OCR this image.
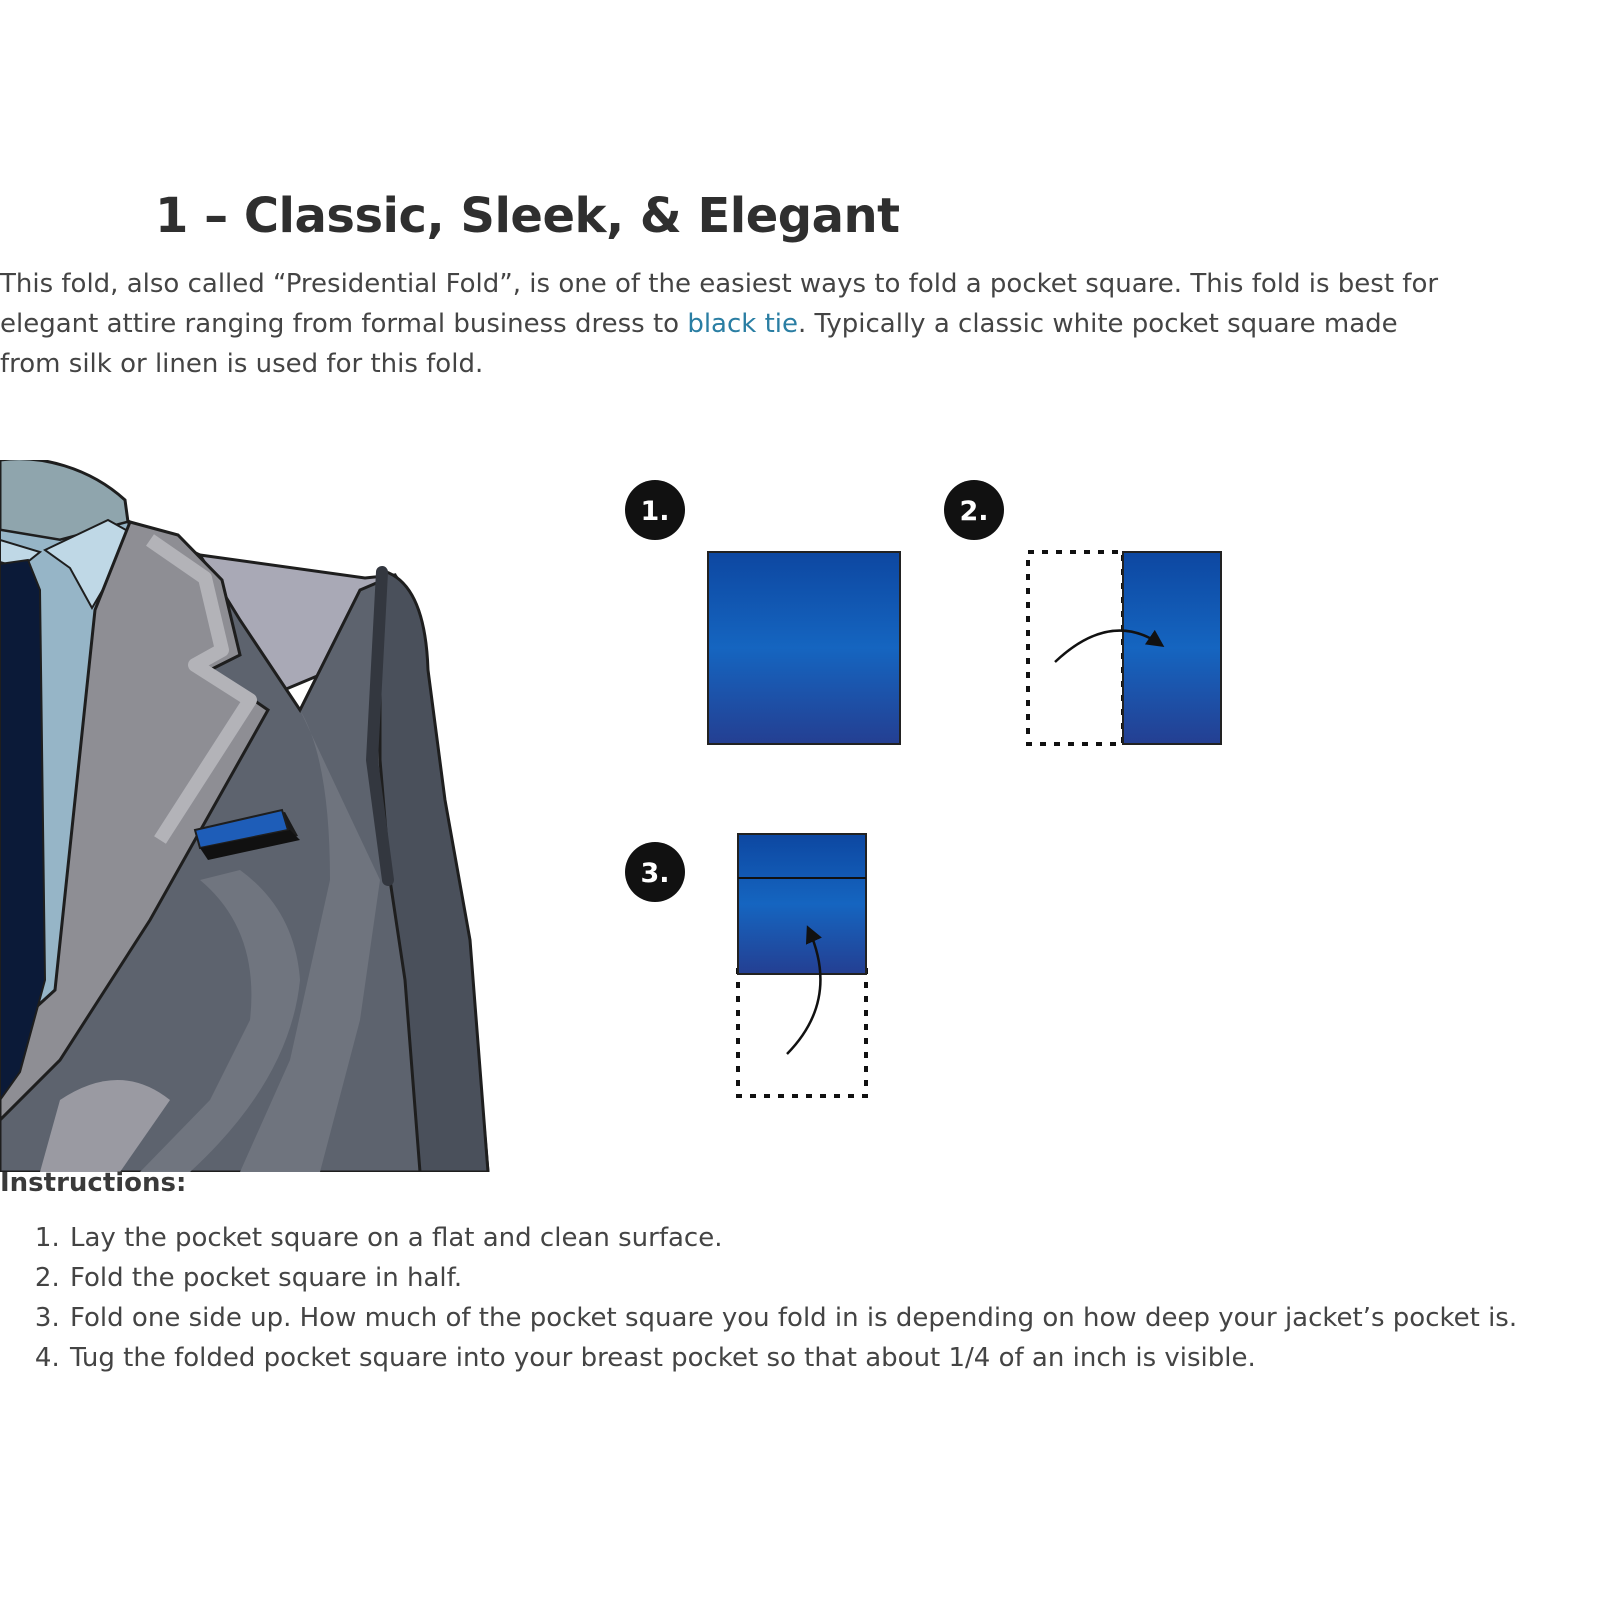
1 – Classic, Sleek, & Elegant

This fold, also called “Presidential Fold”, is one of the easiest ways to fold a pocket square. This fold is best for elegant attire ranging from formal business dress to black tie. Typically a classic white pocket square made from silk or linen is used for this fold.

1.	2.
3.
Instructions:
1. Lay the pocket square on a flat and clean surface.
2. Fold the pocket square in half.
3. Fold one side up. How much of the pocket square you fold in is depending on how deep your jacket’s pocket is.
4. Tug the folded pocket square into your breast pocket so that about 1/4 of an inch is visible.
